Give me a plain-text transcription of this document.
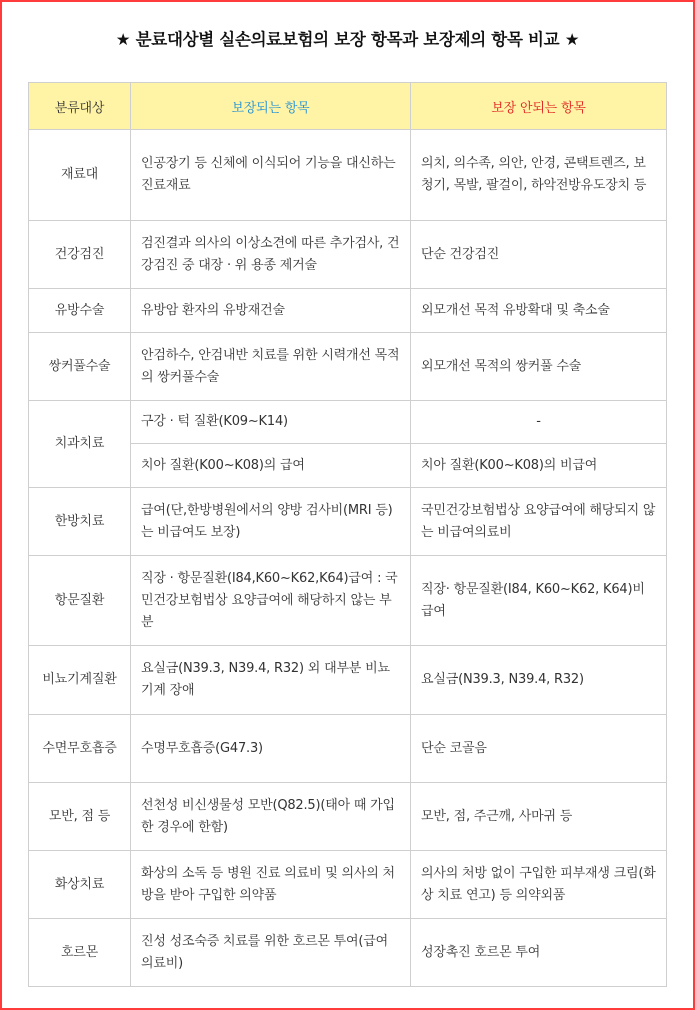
★ 분료대상별 실손의료보험의 보장 항목과 보장제의 항목 비교 ★
분류대상	보장되는 항목	보장 안되는 항목
재료대	인공장기 등 신체에 이식되어 기능을 대신하는 진료재료	의치, 의수족, 의안, 안경, 콘택트렌즈, 보청기, 목발, 팔걸이, 하악전방유도장치 등
건강검진	검진결과 의사의 이상소견에 따른 추가검사, 건강검진 중 대장 · 위 용종 제거술	단순 건강검진
유방수술	유방암 환자의 유방재건술	외모개선 목적 유방확대 및 축소술
쌍커풀수술	안검하수, 안검내반 치료를 위한 시력개선 목적의 쌍커풀수술	외모개선 목적의 쌍커풀 수술
치과치료	구강 · 턱 질환(K09~K14)	-
	치아 질환(K00~K08)의 급여	치아 질환(K00~K08)의 비급여
한방치료	급여(단,한방병원에서의 양방 검사비(MRI 등)는 비급여도 보장)	국민건강보험법상 요양급여에 해당되지 않는 비급여의료비
항문질환	직장 · 항문질환(I84,K60~K62,K64)급여 : 국민건강보험법상 요양급여에 해당하지 않는 부분	직장· 항문질환(I84, K60~K62, K64)비급여
비뇨기계질환	요실금(N39.3, N39.4, R32) 외 대부분 비뇨기계 장애	요실금(N39.3, N39.4, R32)
수면무호흡증	수명무호흡증(G47.3)	단순 코골음
모반, 점 등	선천성 비신생물성 모반(Q82.5)(태아 때 가입한 경우에 한함)	모반, 점, 주근깨, 사마귀 등
화상치료	화상의 소독 등 병원 진료 의료비 및 의사의 처방을 받아 구입한 의약품	의사의 처방 없이 구입한 피부재생 크림(화상 치료 연고) 등 의약외품
호르몬	진성 성조숙증 치료를 위한 호르몬 투여(급여의료비)	성장촉진 호르몬 투여
